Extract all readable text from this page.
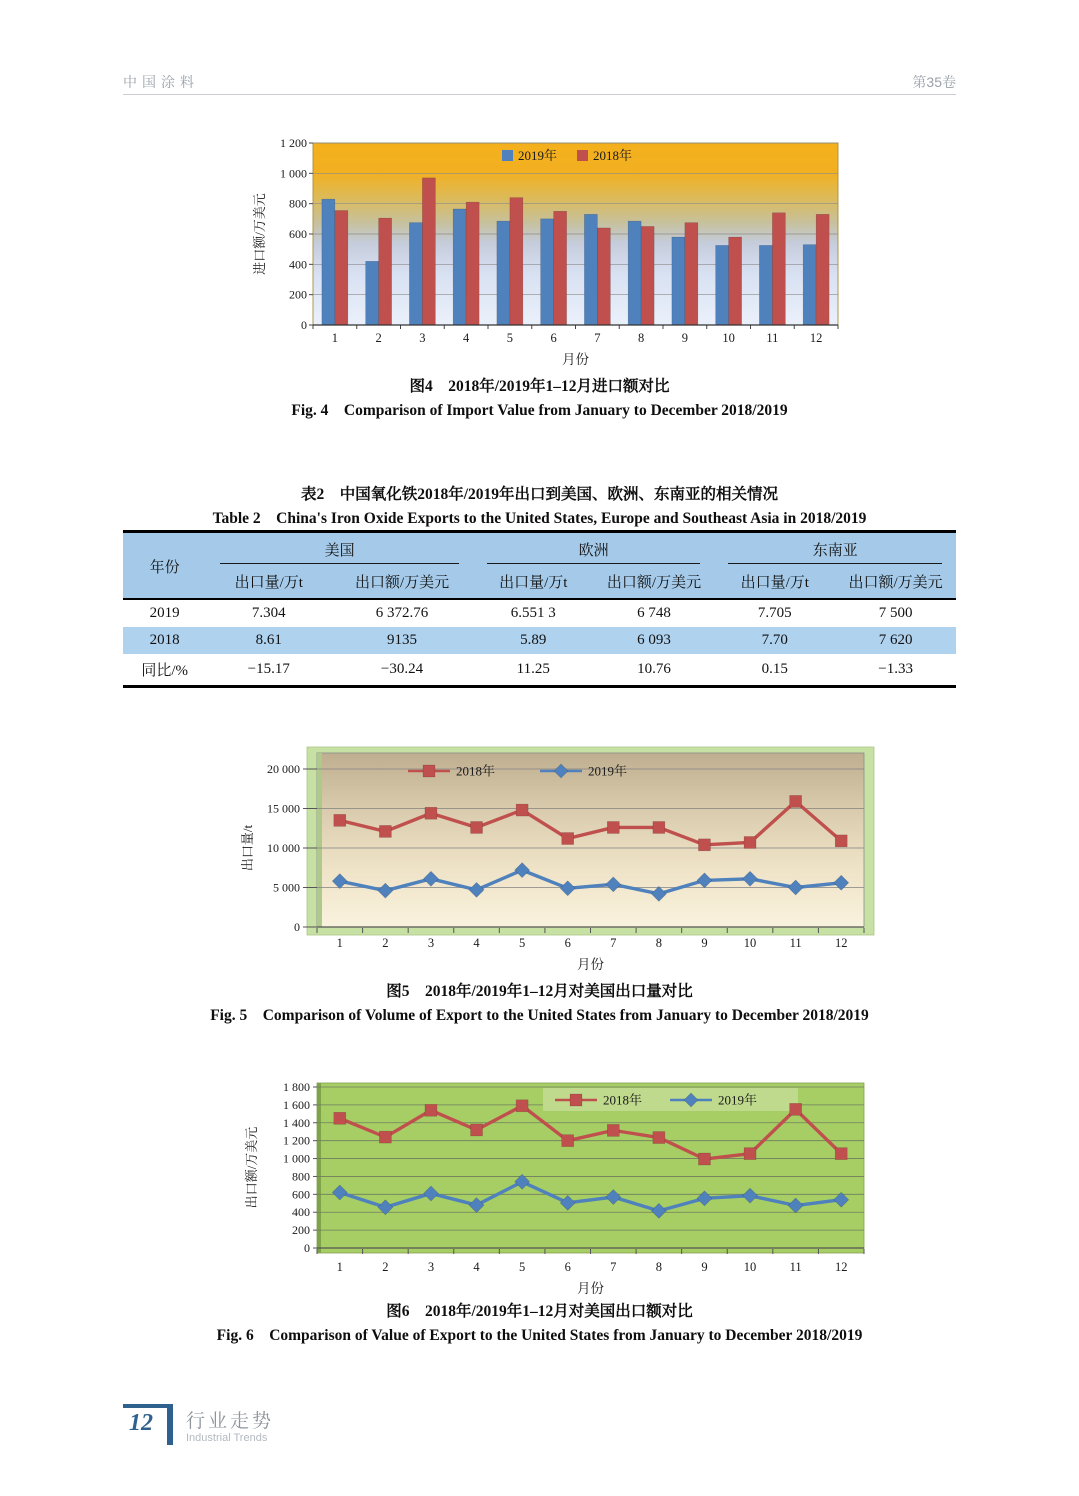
中国涂料	第35卷
0
200
400
600
800
1 000
1 200
1	2	3	4	5	6	7	8	9	10	11	12
月份
进口额/万美元
2019年	2018年
图4　2018年/2019年1–12月进口额对比
Fig. 4　Comparison of Import Value from January to December 2018/2019
表2　中国氧化铁2018年/2019年出口到美国、欧洲、东南亚的相关情况
Table 2　China's Iron Oxide Exports to the United States, Europe and Southeast Asia in 2018/2019
年份	美国		欧洲		东南亚	

	出口量/万t	出口额/万美元	出口量/万t	出口额/万美元	出口量/万t	出口额/万美元
2019	7.304	6 372.76	6.551 3	6 748	7.705	7 500
2018	8.61	9135	5.89	6 093	7.70	7 620
同比/%	−15.17	−30.24	11.25	10.76	0.15	−1.33
0
5 000
10 000
15 000
20 000
1	2	3	4	5	6	7	8	9	10	11	12
月份
出口量/t
2018年	2019年
图5　2018年/2019年1–12月对美国出口量对比
Fig. 5　Comparison of Volume of Export to the United States from January to December 2018/2019
0
200
400
600
800
1 000
1 200
1 400
1 600
1 800
1	2	3	4	5	6	7	8	9	10	11	12
月份
出口额/万美元
2018年	2019年
图6　2018年/2019年1–12月对美国出口额对比
Fig. 6　Comparison of Value of Export to the United States from January to December 2018/2019
12 行业走势
Industrial Trends
